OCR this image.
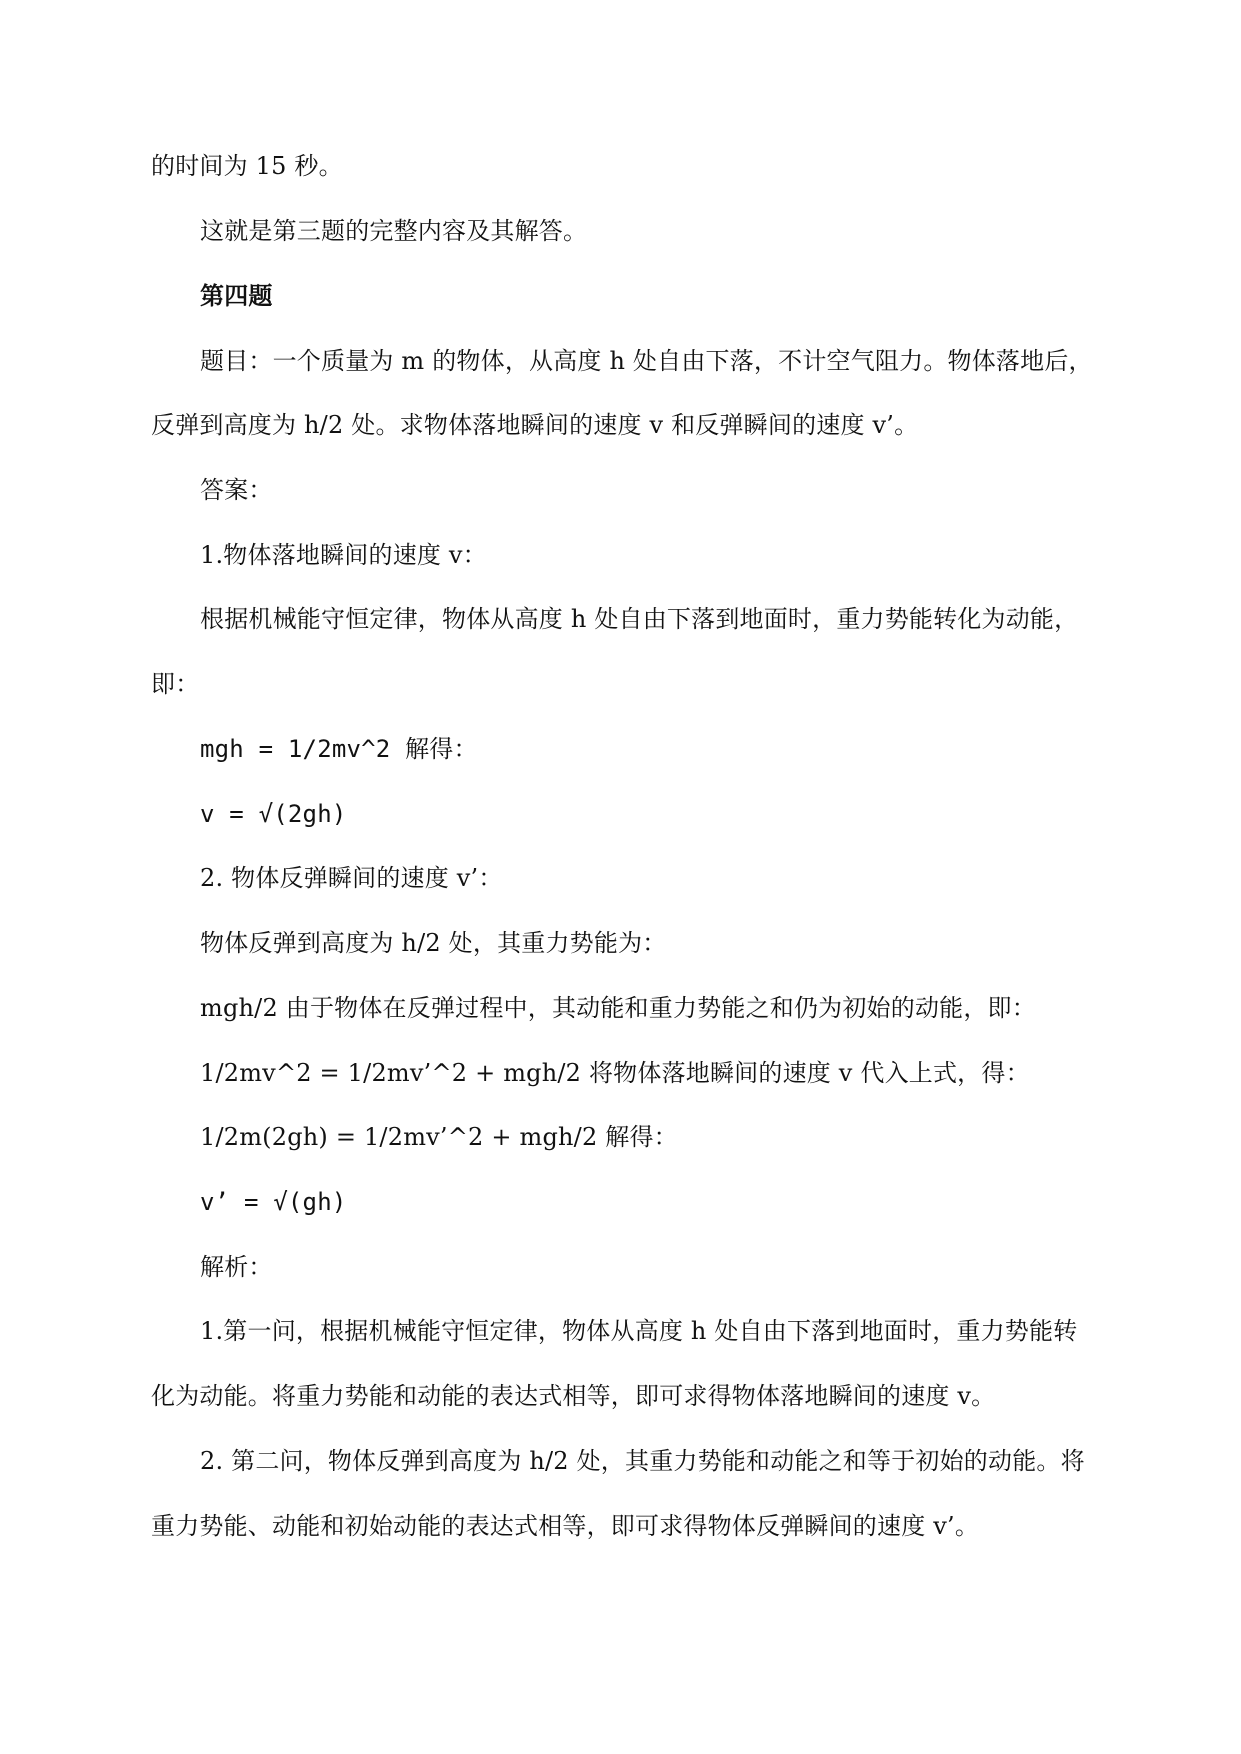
的时间为 15 秒。
这就是第三题的完整内容及其解答。
第四题
题目：一个质量为 m 的物体，从高度 h 处自由下落，不计空气阻力。物体落地后，
反弹到高度为 h/2 处。求物体落地瞬间的速度 v 和反弹瞬间的速度 v’。
答案：
1.物体落地瞬间的速度 v：
根据机械能守恒定律，物体从高度 h 处自由下落到地面时，重力势能转化为动能，
即：
mgh = 1/2mv^2 解得：
v = √(2gh)
2. 物体反弹瞬间的速度 v’：
物体反弹到高度为 h/2 处，其重力势能为：
mgh/2 由于物体在反弹过程中，其动能和重力势能之和仍为初始的动能，即：
1/2mv^2 = 1/2mv’^2 + mgh/2 将物体落地瞬间的速度 v 代入上式，得：
1/2m(2gh) = 1/2mv’^2 + mgh/2 解得：
v’ = √(gh)
解析：
1.第一问，根据机械能守恒定律，物体从高度 h 处自由下落到地面时，重力势能转
化为动能。将重力势能和动能的表达式相等，即可求得物体落地瞬间的速度 v。
2. 第二问，物体反弹到高度为 h/2 处，其重力势能和动能之和等于初始的动能。将
重力势能、动能和初始动能的表达式相等，即可求得物体反弹瞬间的速度 v’。
